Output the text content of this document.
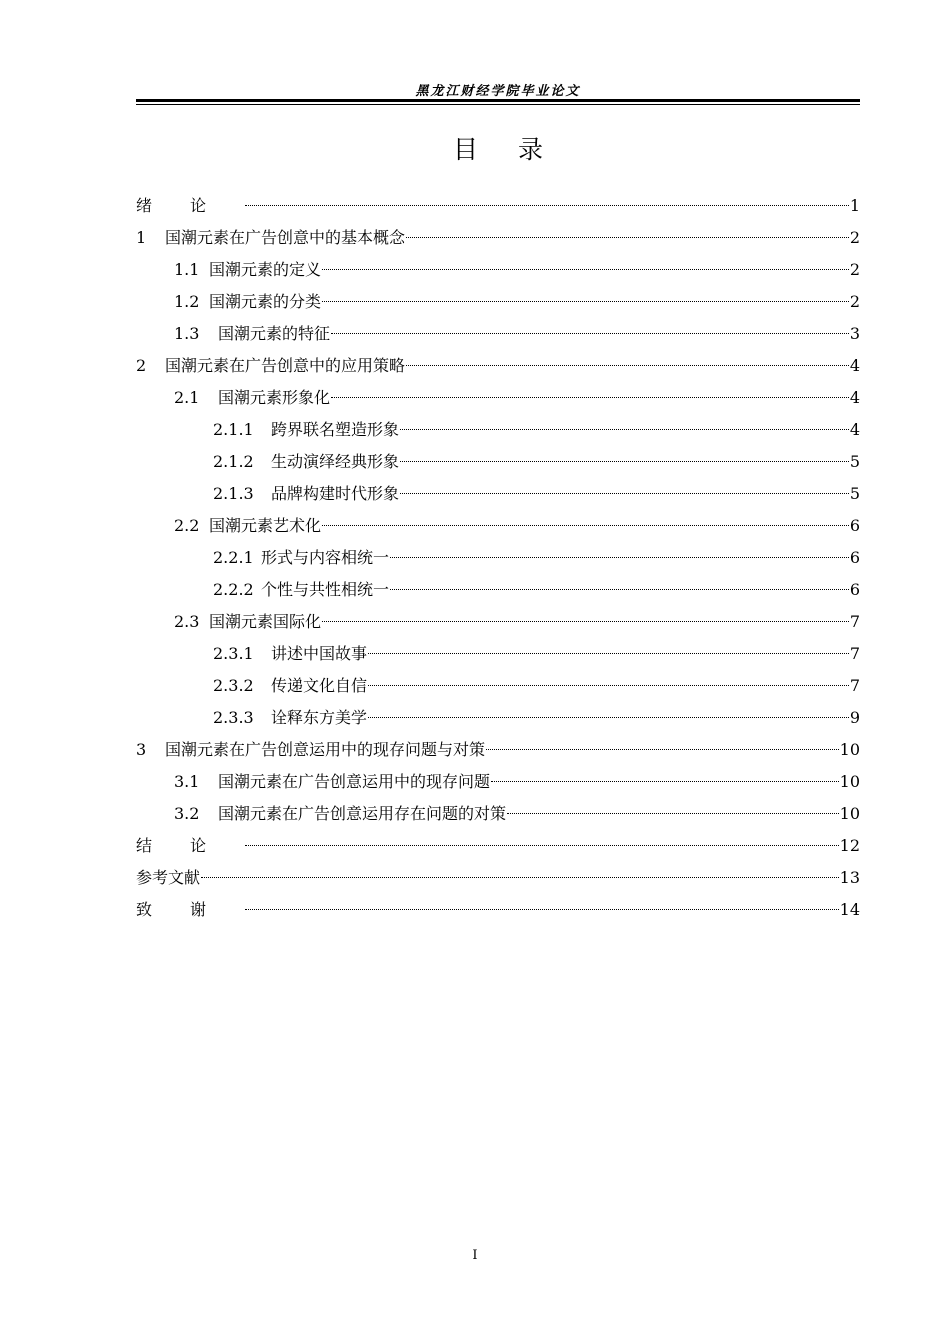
黑龙江财经学院毕业论文
目录
绪论	1
1	国潮元素在广告创意中的基本概念	2
1.1 国潮元素的定义	2
1.2 国潮元素的分类	2
1.3	国潮元素的特征	3
2	国潮元素在广告创意中的应用策略	4
2.1	国潮元素形象化	4
2.1.1	跨界联名塑造形象	4
2.1.2	生动演绎经典形象	5
2.1.3	品牌构建时代形象	5
2.2 国潮元素艺术化	6
2.2.1 形式与内容相统一	6
2.2.2 个性与共性相统一	6
2.3 国潮元素国际化	7
2.3.1	讲述中国故事	7
2.3.2	传递文化自信	7
2.3.3	诠释东方美学	9
3	国潮元素在广告创意运用中的现存问题与对策	10
3.1	国潮元素在广告创意运用中的现存问题	10
3.2	国潮元素在广告创意运用存在问题的对策	10
结论	12
参考文献	13
致谢	14
I
